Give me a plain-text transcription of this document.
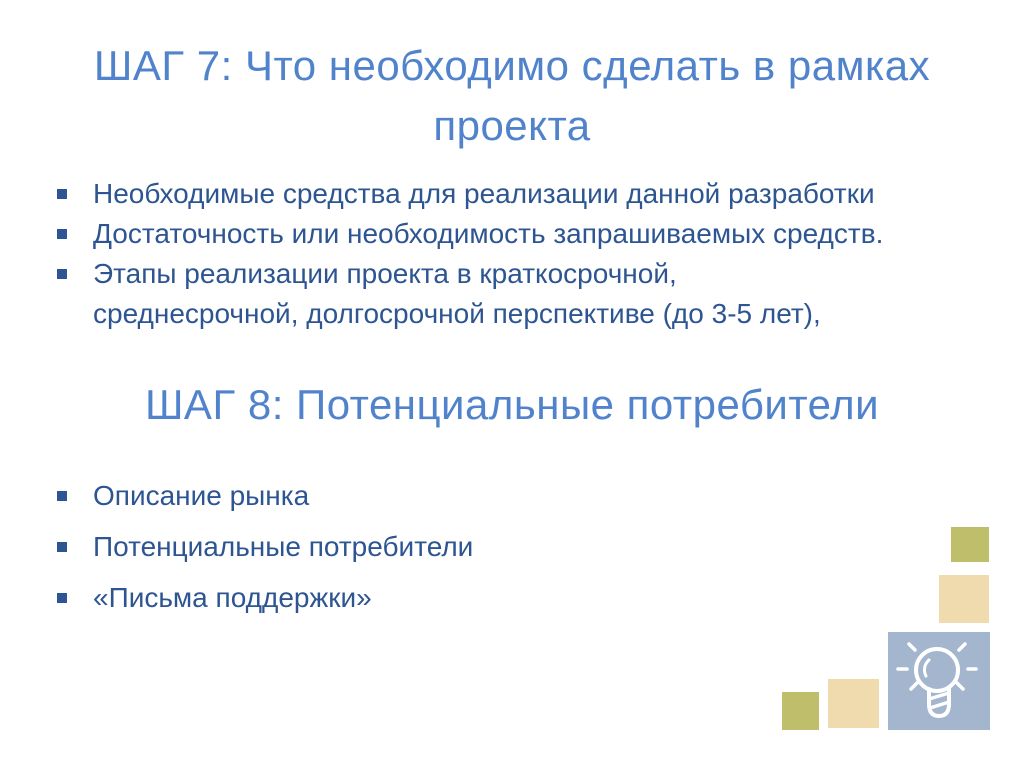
ШАГ 7: Что необходимо сделать в рамках
проекта
Необходимые средства для реализации данной разработки
Достаточность или необходимость запрашиваемых средств.
Этапы реализации проекта в краткосрочной,
среднесрочной, долгосрочной перспективе (до 3-5 лет),
ШАГ 8: Потенциальные потребители
Описание рынка
Потенциальные потребители
«Письма поддержки»
